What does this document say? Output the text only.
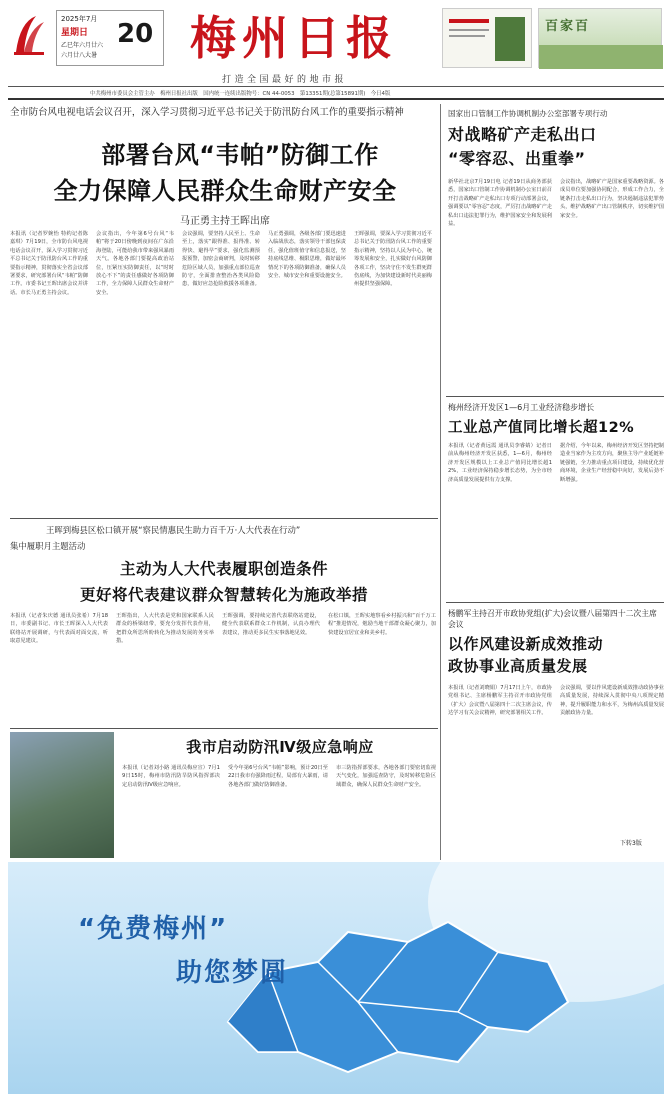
2025年7月
星期日
乙巳年六月廿六
六月廿八大暑
20 梅州日报
打造全国最好的地市报
百家百
中共梅州市委员会主管主办　梅州日报社出版　国内统一连续出版物号：CN 44-0053　第13351期(总第15891期)　今日4版
全市防台风电视电话会议召开，深入学习贯彻习近平总书记关于防汛防台风工作的重要指示精神
部署台风“韦帕”防御工作
全力保障人民群众生命财产安全
马正勇主持王晖出席
本报讯（记者罗婉怡 特约记者陈嘉琪）7月19日，全市防台风电视电话会议召开，深入学习贯彻习近平总书记关于防汛防台风工作的重要指示精神，贯彻落实全省会议部署要求，研究部署台风“韦帕”防御工作。市委书记王晖出席会议并讲话。市长马正勇主持会议。
会议指出，今年第6号台风“韦帕”将于20日傍晚到夜间在广东沿海登陆，可能给我市带来强风暴雨天气。各地各部门要提高政治站位，压紧压实防御责任，以“时时放心不下”的责任感做好各项防御工作，全力保障人民群众生命财产安全。
会议强调，要坚持人民至上、生命至上，落实“跟得准、报得准、转得快、避得早”要求，强化监测预报预警，加密会商研判，及时转移危险区域人员，加强重点部位巡查防守，全面排查整治各类风险隐患，做好应急抢险救援各项准备。
马正勇强调，各级各部门要迅速进入临战状态，落实领导干部包保责任，强化值班值守和信息报送，坚持底线思维、极限思维，做好最坏情况下的各项防御准备，确保人员安全、城市安全和重要设施安全。
王晖强调，要深入学习贯彻习近平总书记关于防汛防台风工作的重要指示精神，坚持以人民为中心，统筹发展和安全，扎实做好台风防御各项工作，坚决守住不发生群死群伤底线，为加快建设新时代美丽梅州提供坚强保障。
国家出口管制工作协调机制办公室部署专项行动
对战略矿产走私出口
“零容忍、出重拳”
新华社北京7月19日电 记者19日从商务部获悉，国家出口管制工作协调机制办公室日前召开打击战略矿产走私出口专项行动部署会议，强调要以“零容忍”态度，严厉打击战略矿产走私出口违法犯罪行为，维护国家安全和发展利益。
会议指出，战略矿产是国家重要战略资源。各成员单位要加强协同配合，形成工作合力，全链条打击走私出口行为，坚决遏制违法犯罪势头，维护战略矿产出口管制秩序，切实维护国家安全。
梅州经济开发区1—6月工业经济稳步增长
工业总产值同比增长超12%
本报讯（记者黄远霞 通讯员李睿婧）记者日前从梅州经济开发区获悉，1—6月，梅州经济开发区规模以上工业总产值同比增长超12%，工业经济保持稳步增长态势，为全市经济高质量发展提供有力支撑。
据介绍，今年以来，梅州经济开发区坚持把制造业当家作为主攻方向，聚焦主导产业延链补链强链，全力推动重点项目建设，持续优化营商环境，企业生产经营稳中向好，发展后劲不断增强。
王晖到梅县区松口镇开展“察民情惠民生助力百千万·人大代表在行动”
集中履职月主题活动
主动为人大代表履职创造条件
更好将代表建议群众智慧转化为施政举措
本报讯（记者朱庆德 通讯员张希）7月18日，市委副书记、市长王晖深入人大代表联络站开展调研，与代表面对面交流，听取意见建议。
王晖指出，人大代表是党和国家联系人民群众的桥梁纽带，要充分发挥代表作用，把群众所思所盼转化为推动发展的务实举措。
王晖强调，要持续完善代表联络站建设，健全代表联系群众工作机制，认真办理代表建议，推动更多民生实事落地见效。
在松口镇，王晖实地察看乡村振兴和“百千万工程”推进情况，勉励当地干部群众凝心聚力，加快建设宜居宜业和美乡村。
杨鹏军主持召开市政协党组(扩大)会议暨八届第四十二次主席会议
以作风建设新成效推动
政协事业高质量发展
本报讯（记者刘晓娟）7月17日上午，市政协党组书记、主席杨鹏军主持召开市政协党组（扩大）会议暨八届第四十二次主席会议，传达学习有关会议精神，研究部署相关工作。
会议强调，要以作风建设新成效推动政协事业高质量发展，持续深入贯彻中央八项规定精神，提升履职能力和水平，为梅州高质量发展贡献政协力量。
下转3版
我市启动防汛Ⅳ级应急响应
本报讯（记者刘小路 通讯员梅应宣）7月19日15时，梅州市防汛防旱防风指挥部决定启动防汛Ⅳ级应急响应。
受今年第6号台风“韦帕”影响，预计20日至22日我市有强降雨过程，局部有大暴雨，请各地各部门做好防御准备。
市三防指挥部要求，各地各部门要密切监视天气变化，加强巡查防守，及时转移危险区域群众，确保人民群众生命财产安全。
“免费梅州”
助您梦圆
